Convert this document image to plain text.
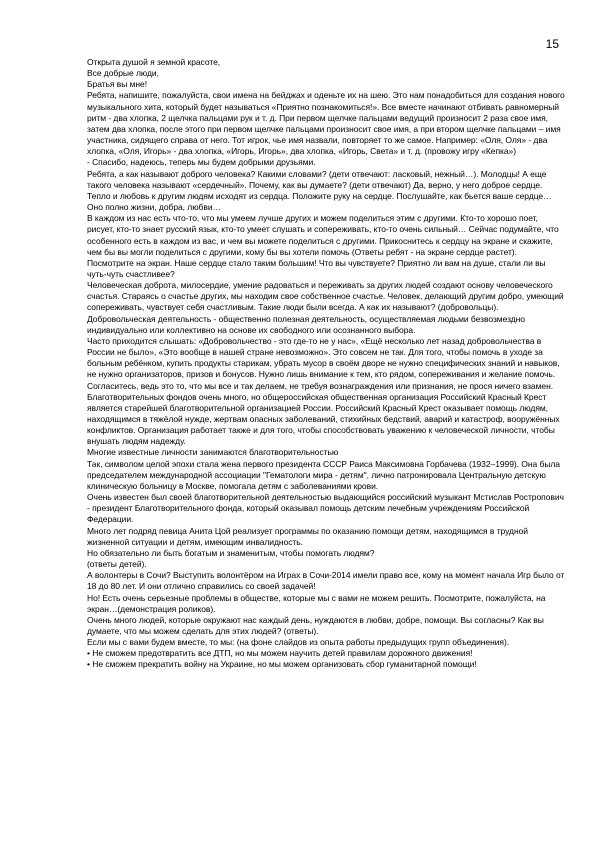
15

Открыта душой я земной красоте,

Все добрые люди,

Братья вы мне!

Ребята, напишите, пожалуйста, свои имена на бейджах и оденьте их на шею. Это нам понадобиться для создания нового музыкального хита, который будет называться «Приятно познакомиться!». Все вместе начинают отбивать равномерный ритм - два хлопка, 2 щелчка пальцами рук и т. д. При первом щелчке пальцами ведущий произносит 2 раза свое имя, затем два хлопка, после этого при первом щелчке пальцами произносит свое имя, а при втором щелчке пальцами – имя участника, сидящего справа от него. Тот игрок, чье имя назвали, повторяет то же самое. Например: «Оля, Оля» - два хлопка, «Оля, Игорь» - два хлопка, «Игорь, Игорь», два хлопка, «Игорь, Света» и т. д. (провожу игру «Кепка»)

- Спасибо, надеюсь, теперь мы будем добрыми друзьями.

Ребята, а как называют доброго человека? Какими словами? (дети отвечают: ласковый, нежный…). Молодцы! А еще такого человека называют «сердечный». Почему, как вы думаете? (дети отвечают) Да, верно, у него доброе сердце. Тепло и любовь к другим людям исходят из сердца. Положите руку на сердце. Послушайте, как бьется ваше сердце… Оно полно жизни, добра, любви…

В каждом из нас есть что-то, что мы умеем лучше других и можем поделиться этим с другими. Кто-то хорошо поет, рисует, кто-то знает русский язык, кто-то умеет слушать и сопереживать, кто-то очень сильный… Сейчас подумайте, что особенного есть в каждом из вас, и чем вы можете поделиться с другими. Прикоснитесь к сердцу на экране и скажите, чем бы вы могли поделиться с другими, кому бы вы хотели помочь (Ответы ребят - на экране сердце растет).

Посмотрите на экран. Наше сердце стало таким большим! Что вы чувствуете? Приятно ли вам на душе, стали ли вы чуть-чуть счастливее?

Человеческая доброта, милосердие, умение радоваться и переживать за других людей создают основу человеческого счастья. Стараясь о счастье других, мы находим свое собственное счастье. Человек, делающий другим добро, умеющий сопереживать, чувствует себя счастливым. Такие люди были всегда. А как их называют? (добровольцы).

Добровольческая деятельность - общественно полезная деятельность, осуществляемая людьми безвозмездно индивидуально или коллективно на основе их свободного или осознанного выбора.

Часто приходится слышать: «Добровольчество - это где-то не у нас», «Ещё несколько лет назад добровольчества в России не было», «Это вообще в нашей стране невозможно». Это совсем не так. Для того, чтобы помочь в уходе за больным ребёнком, купить продукты старикам, убрать мусор в своём дворе не нужно специфических знаний и навыков, не нужно организаторов, призов и бонусов. Нужно лишь внимание к тем, кто рядом, сопереживания и желание помочь. Согласитесь, ведь это то, что мы все и так делаем, не требуя вознаграждения или признания, не прося ничего взамен.

Благотворительных фондов очень много, но общероссийская общественная организация Российский Красный Крест является старейшей благотворительной организацией России. Российский Красный Крест оказывает помощь людям, находящимся в тяжёлой нужде, жертвам опасных заболеваний, стихийных бедствий, аварий и катастроф, вооружённых конфликтов. Организация работает также и для того, чтобы способствовать уважению к человеческой личности, чтобы внушать людям надежду.

Многие известные личности занимаются благотворительностью

Так, символом целой эпохи стала жена первого президента СССР Раиса Максимовна Горбачева (1932–1999). Она была председателем международной ассоциации "Гематологи мира - детям", лично патронировала Центральную детскую клиническую больницу в Москве, помогала детям с заболеваниями крови.

Очень известен был своей благотворительной деятельностью выдающийся российский музыкант Мстислав Ростропович - президент Благотворительного фонда, который оказывал помощь детским лечебным учреждениям Российской Федерации.

Много лет подряд певица Анита Цой реализует программы по оказанию помощи детям, находящимся в трудной жизненной ситуации и детям, имеющим инвалидность.

Но обязательно ли быть богатым и знаменитым, чтобы помогать людям?

(ответы детей).

А волонтеры в Сочи? Выступить волонтёром на Играх в Сочи-2014 имели право все, кому на момент начала Игр было от 18 до 80 лет. И они отлично справились со своей задачей!

Но! Есть очень серьезные проблемы в обществе, которые мы с вами не можем решить. Посмотрите, пожалуйста, на экран…(демонстрация роликов).

Очень много людей, которые окружают нас каждый день, нуждаются в любви, добре, помощи. Вы согласны? Как вы думаете, что мы можем сделать для этих людей? (ответы).

Если мы с вами будем вместе, то мы: (на фоне слайдов из опыта работы предыдущих групп объединения).

• Не сможем предотвратить все ДТП, но мы можем научить детей правилам дорожного движения!

• Не сможем прекратить войну на Украине, но мы можем организовать сбор гуманитарной помощи!
